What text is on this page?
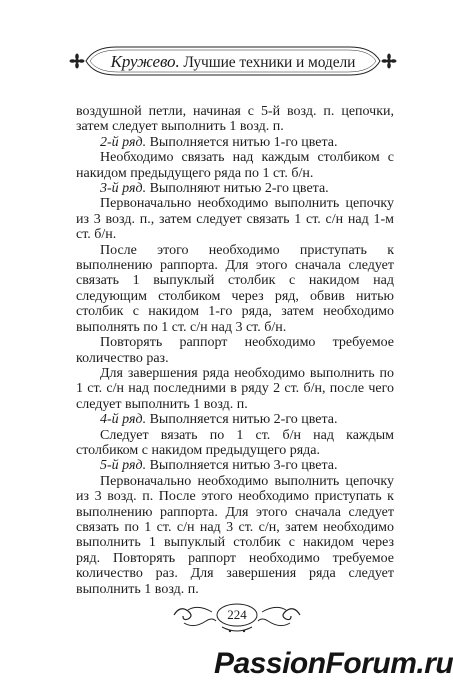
Кружево. Лучшие техники и модели

воздушной петли, начиная с 5-й возд. п. цепочки, затем следует выполнить 1 возд. п.

2-й ряд. Выполняется нитью 1-го цвета.

Необходимо связать над каждым столбиком с накидом предыдущего ряда по 1 ст. б/н.

3-й ряд. Выполняют нитью 2-го цвета.

Первоначально необходимо выполнить цепочку из 3 возд. п., затем следует связать 1 ст. с/н над 1-м ст. б/н.

После этого необходимо приступать к выполнению раппорта. Для этого сначала следует связать 1 выпуклый столбик с накидом над следующим столбиком через ряд, обвив нитью столбик с накидом 1-го ряда, затем необходимо выполнять по 1 ст. с/н над 3 ст. б/н.

Повторять раппорт необходимо требуемое количество раз.

Для завершения ряда необходимо выполнить по 1 ст. с/н над последними в ряду 2 ст. б/н, после чего следует выполнить 1 возд. п.

4-й ряд. Выполняется нитью 2-го цвета.

Следует вязать по 1 ст. б/н над каждым столбиком с накидом предыдущего ряда.

5-й ряд. Выполняется нитью 3-го цвета.

Первоначально необходимо выполнить цепочку из 3 возд. п. После этого необходимо приступать к выполнению раппорта. Для этого сначала следует связать по 1 ст. с/н над 3 ст. с/н, затем необходимо выполнить 1 выпуклый столбик с накидом через ряд. Повторять раппорт необходимо требуемое количество раз. Для завершения ряда следует выполнить 1 возд. п.

224
PassionForum.ru
